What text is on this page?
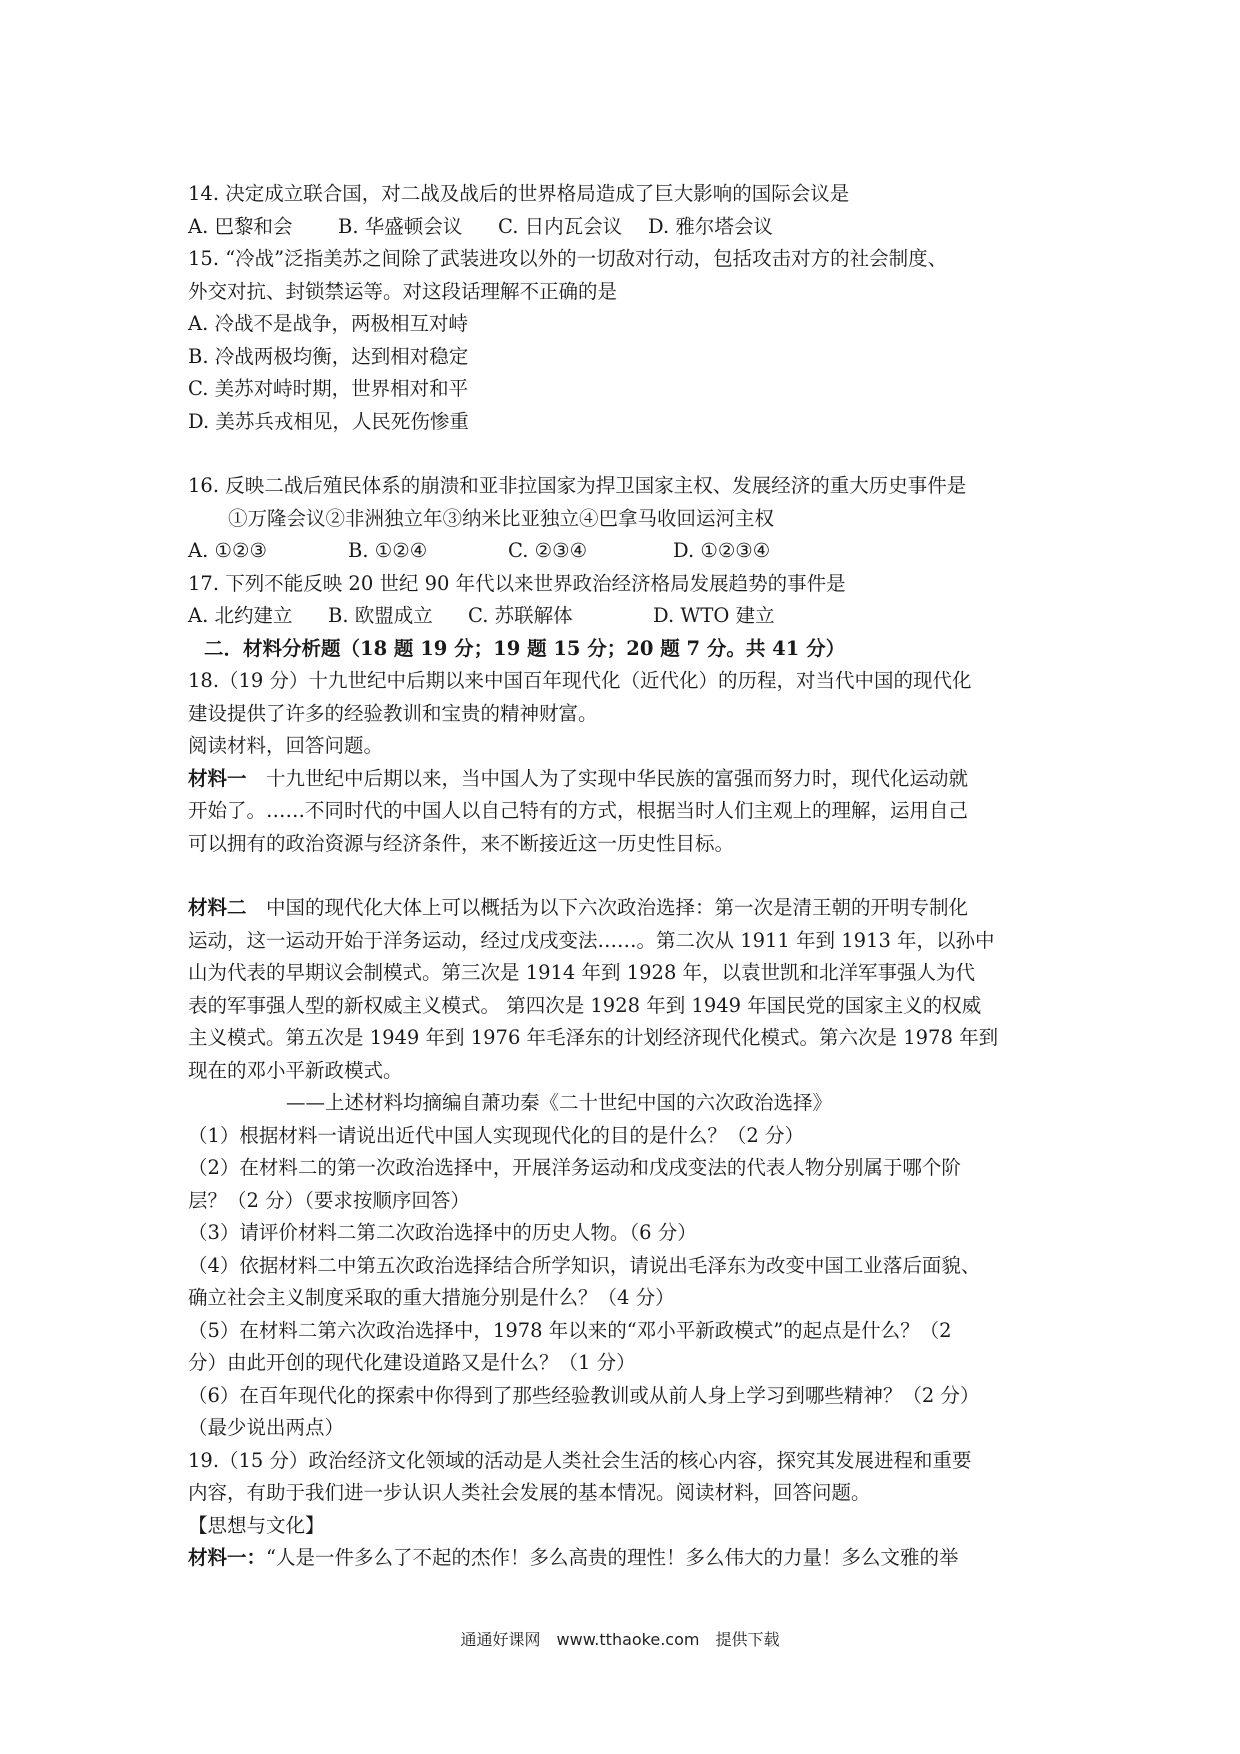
14. 决定成立联合国，对二战及战后的世界格局造成了巨大影响的国际会议是
A. 巴黎和会	B. 华盛顿会议	C. 日内瓦会议	D. 雅尔塔会议
15. “冷战”泛指美苏之间除了武装进攻以外的一切敌对行动，包括攻击对方的社会制度、
外交对抗、封锁禁运等。对这段话理解不正确的是
A. 冷战不是战争，两极相互对峙
B. 冷战两极均衡，达到相对稳定
C. 美苏对峙时期，世界相对和平
D. 美苏兵戎相见，人民死伤惨重
16. 反映二战后殖民体系的崩溃和亚非拉国家为捍卫国家主权、发展经济的重大历史事件是
①万隆会议②非洲独立年③纳米比亚独立④巴拿马收回运河主权
A. ①②③	B. ①②④	C. ②③④	D. ①②③④
17. 下列不能反映 20 世纪 90 年代以来世界政治经济格局发展趋势的事件是
A. 北约建立	B. 欧盟成立	C. 苏联解体	D. WTO 建立
二．材料分析题（18 题 19 分；19 题 15 分；20 题 7 分。共 41 分）
18.（19 分）十九世纪中后期以来中国百年现代化（近代化）的历程，对当代中国的现代化
建设提供了许多的经验教训和宝贵的精神财富。
阅读材料，回答问题。
材料一　 十九世纪中后期以来，当中国人为了实现中华民族的富强而努力时，现代化运动就
开始了。……不同时代的中国人以自己特有的方式，根据当时人们主观上的理解，运用自己
可以拥有的政治资源与经济条件，来不断接近这一历史性目标。
材料二　 中国的现代化大体上可以概括为以下六次政治选择：第一次是清王朝的开明专制化
运动，这一运动开始于洋务运动，经过戊戌变法……。第二次从 1911 年到 1913 年，以孙中
山为代表的早期议会制模式。第三次是 1914 年到 1928 年，以袁世凯和北洋军事强人为代
表的军事强人型的新权威主义模式。 第四次是 1928 年到 1949 年国民党的国家主义的权威
主义模式。第五次是 1949 年到 1976 年毛泽东的计划经济现代化模式。第六次是 1978 年到
现在的邓小平新政模式。
——上述材料均摘编自萧功秦《二十世纪中国的六次政治选择》
（1）根据材料一请说出近代中国人实现现代化的目的是什么？（2 分）
（2）在材料二的第一次政治选择中，开展洋务运动和戊戌变法的代表人物分别属于哪个阶
层？（2 分）（要求按顺序回答）
（3）请评价材料二第二次政治选择中的历史人物。（6 分）
（4）依据材料二中第五次政治选择结合所学知识，请说出毛泽东为改变中国工业落后面貌、
确立社会主义制度采取的重大措施分别是什么？（4 分）
（5）在材料二第六次政治选择中，1978 年以来的“邓小平新政模式”的起点是什么？（2
分）由此开创的现代化建设道路又是什么？（1 分）
（6）在百年现代化的探索中你得到了那些经验教训或从前人身上学习到哪些精神？（2 分）
（最少说出两点）
19.（15 分）政治经济文化领域的活动是人类社会生活的核心内容，探究其发展进程和重要
内容，有助于我们进一步认识人类社会发展的基本情况。阅读材料，回答问题。
【思想与文化】
材料一：“人是一件多么了不起的杰作！多么高贵的理性！多么伟大的力量！多么文雅的举
通通好课网　www.tthaoke.com　提供下载
